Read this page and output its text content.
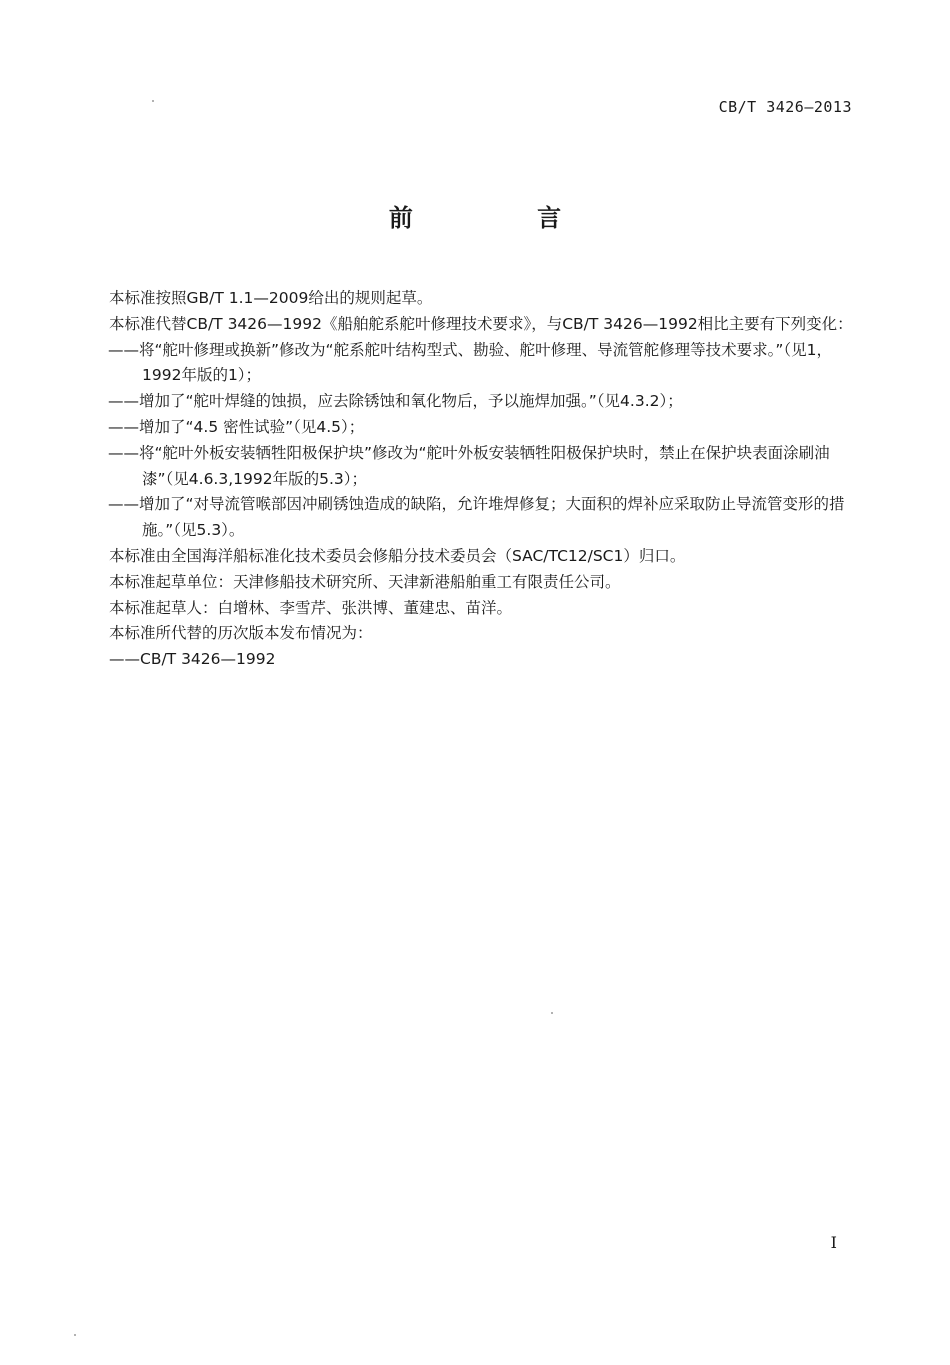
CB/T 3426—2013
前 言

本标准按照GB/T 1.1—2009给出的规则起草。

本标准代替CB/T 3426—1992《船舶舵系舵叶修理技术要求》，与CB/T 3426—1992相比主要有下列变化：

——将“舵叶修理或换新”修改为“舵系舵叶结构型式、勘验、舵叶修理、导流管舵修理等技术要求。”（见1，1992年版的1）；

——增加了“舵叶焊缝的蚀损，应去除锈蚀和氧化物后，予以施焊加强。”（见4.3.2）；

——增加了“4.5 密性试验”（见4.5）；

——将“舵叶外板安装牺牲阳极保护块”修改为“舵叶外板安装牺牲阳极保护块时，禁止在保护块表面涂刷油漆”（见4.6.3,1992年版的5.3）；

——增加了“对导流管喉部因冲刷锈蚀造成的缺陷，允许堆焊修复；大面积的焊补应采取防止导流管变形的措施。”（见5.3）。

本标准由全国海洋船标准化技术委员会修船分技术委员会（SAC/TC12/SC1）归口。

本标准起草单位：天津修船技术研究所、天津新港船舶重工有限责任公司。

本标准起草人：白增林、李雪芹、张洪博、董建忠、苗洋。

本标准所代替的历次版本发布情况为：

——CB/T 3426—1992

I
